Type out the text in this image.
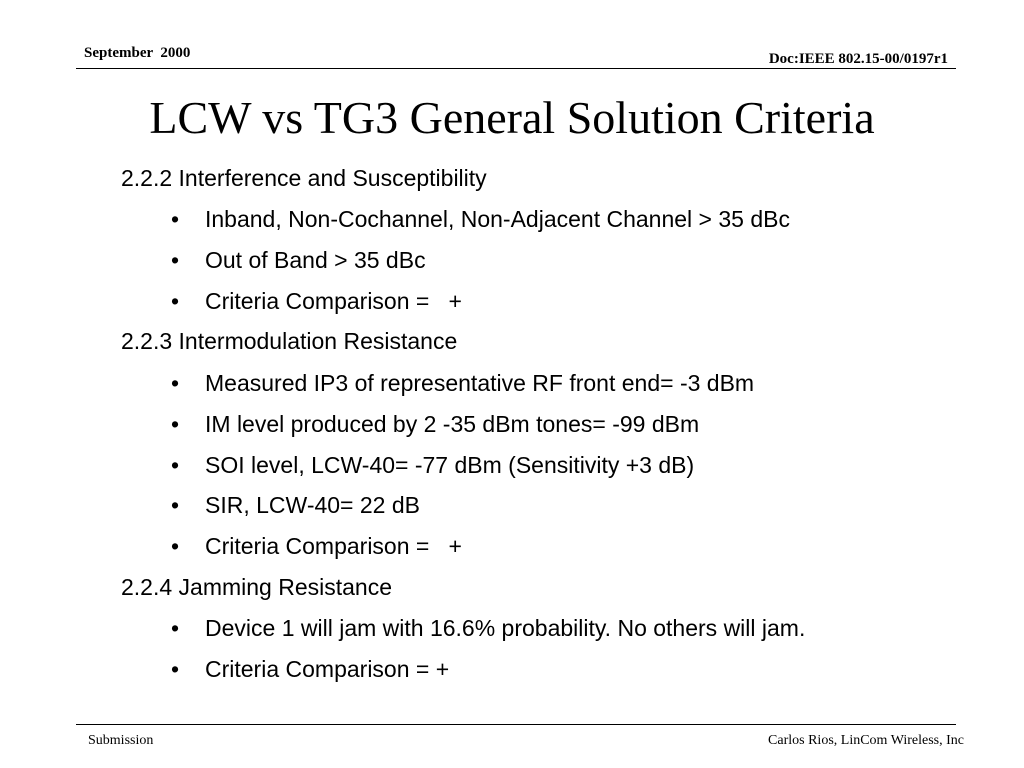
September  2000	Doc:IEEE 802.15-00/0197r1
LCW vs TG3 General Solution Criteria
2.2.2 Interference and Susceptibility
• Inband, Non-Cochannel, Non-Adjacent Channel > 35 dBc
• Out of Band > 35 dBc
• Criteria Comparison =   +
2.2.3 Intermodulation Resistance
• Measured IP3 of representative RF front end= -3 dBm
• IM level produced by 2 -35 dBm tones= -99 dBm
• SOI level, LCW-40= -77 dBm (Sensitivity +3 dB)
• SIR, LCW-40= 22 dB
• Criteria Comparison =   +
2.2.4 Jamming Resistance
• Device 1 will jam with 16.6% probability. No others will jam.
• Criteria Comparison = +
Submission	Carlos Rios, LinCom Wireless, Inc
